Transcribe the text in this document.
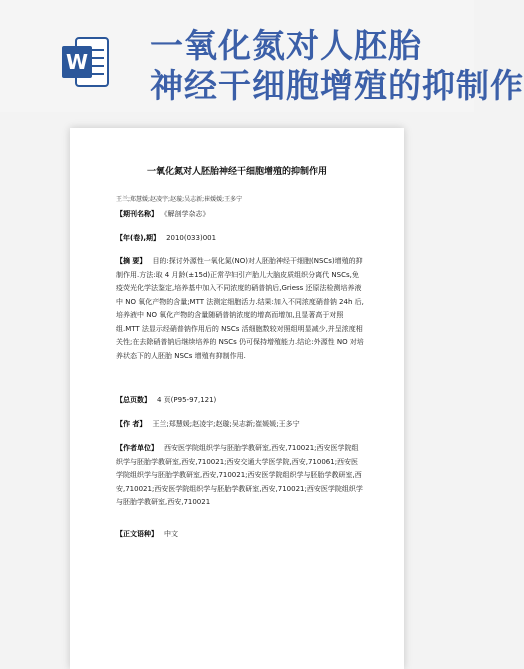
W 一氧化氮对人胚胎
神经干细胞增殖的抑制作
一氧化氮对人胚胎神经干细胞增殖的抑制作用
王兰;郑慧媛;赵凌宇;赵璇;吴志新;崔媛媛;王多宁
【期刊名称】 《解剖学杂志》
【年(卷),期】 2010(033)001
【摘 要】 目的:探讨外源性一氧化氮(NO)对人胚胎神经干细胞(NSCs)增殖的抑制作用.方法:取 4 月龄(±15d)正常孕妇引产胎儿大脑皮质组织分离代 NSCs,免疫荧光化学法鉴定,培养基中加入不同浓度的硝普钠后,Griess 还原法检测培养液中 NO 氧化产物的含量;MTT 法测定细胞活力.结果:加入不同浓度硝普钠 24h 后,培养液中 NO 氧化产物的含量随硝普钠浓度的增高而增加,且显著高于对照组.MTT 法显示经硝普钠作用后的 NSCs 活细胞数较对照组明显减少,并呈浓度相关性;在去除硝普钠后继续培养的 NSCs 仍可保持增殖能力.结论:外源性 NO 对培养状态下的人胚胎 NSCs 增殖有抑制作用.
【总页数】 4 页(P95-97,121)
【作 者】 王兰;郑慧媛;赵凌宇;赵璇;吴志新;崔媛媛;王多宁
【作者单位】 西安医学院组织学与胚胎学教研室,西安,710021;西安医学院组织学与胚胎学教研室,西安,710021;西安交通大学医学院,西安,710061;西安医学院组织学与胚胎学教研室,西安,710021;西安医学院组织学与胚胎学教研室,西安,710021;西安医学院组织学与胚胎学教研室,西安,710021;西安医学院组织学与胚胎学教研室,西安,710021
【正文语种】 中文
